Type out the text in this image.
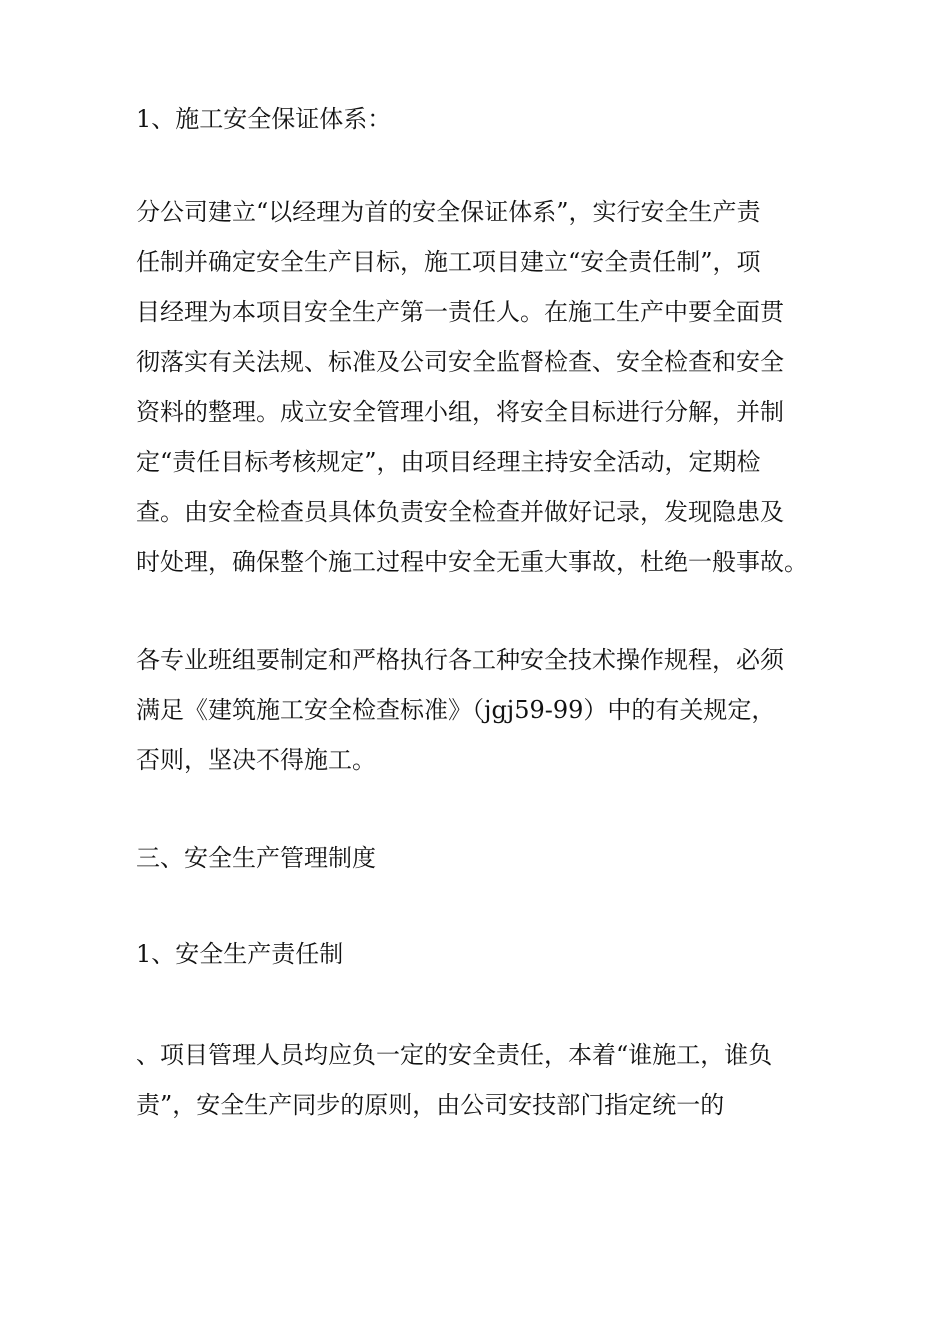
1、施工安全保证体系：

分公司建立“以经理为首的安全保证体系”，实行安全生产责
任制并确定安全生产目标，施工项目建立“安全责任制”，项
目经理为本项目安全生产第一责任人。在施工生产中要全面贯
彻落实有关法规、标准及公司安全监督检查、安全检查和安全
资料的整理。成立安全管理小组，将安全目标进行分解，并制
定“责任目标考核规定”，由项目经理主持安全活动，定期检
查。由安全检查员具体负责安全检查并做好记录，发现隐患及
时处理，确保整个施工过程中安全无重大事故，杜绝一般事故。

各专业班组要制定和严格执行各工种安全技术操作规程，必须
满足《建筑施工安全检查标准》（jgj59-99）中的有关规定，
否则，坚决不得施工。

三、安全生产管理制度

1、安全生产责任制

、项目管理人员均应负一定的安全责任，本着“谁施工，谁负
责”，安全生产同步的原则，由公司安技部门指定统一的
